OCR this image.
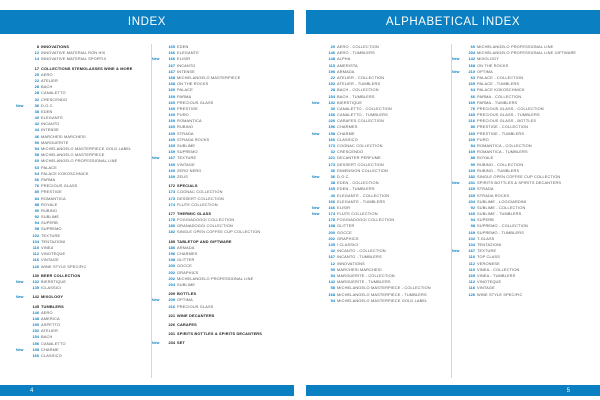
INDEX	ALPHABETICAL INDEX
8 INNOVATIONS
12 INNOVATIVE MATERIAL RON HIX
14 INNOVATIVE MATERIAL SPORTIX
17 COLLECTIONS STEMGLASSES WINE & MORE
20 AERO
22 ATELIER
28 BACH
28 CANALETTO
32 CRESCENDO
New	36 D.O.C.
38 EDEN
40 ELEGANTE
42 INCANTO
44 INTENSE
46 MARCHESI MARCHESI
50 MARGUERITE
54 MICHELANGELO MASTERPIECE GOLD LABEL
58 MICHELANGELO MASTERPIECE
60 MICHELANGELO PROFESSIONAL LINE
63 PALACE
64 PALACE KOKOSCHNICK
66 PARMA
76 PRECIOUS GLASS
80 PRESTIGE
84 ROMANTICA
88 ROYALE
90 RUBINO
92 SUBLIME
94 SUPERB
98 SUPREMO
102 TEXTURE
104 TENTAZIONI
110 VINEA
112 VINOTEQUE
116 VINTAGE
126 WINE STYLE SPECIFIC
130 BEER COLLECTION
New	132 BIERSTIQUE
135 ICLASSICI
New	142 MIXOLOGY
145 TUMBLERS
146 AERO
148 AMERICA
150 ASPETTO
152 ATELIER
154 BACH
156 CANALETTO
New	158 CHARME
160 CLASSICO
165 EDEN
166 ELEGANTE
New	166 ELISIR
167 INCANTO
167 INTENSE
168 MICHELANGELO MASTERPIECE
168 ON THE ROCKS
169 PALACE
169 PARMA
169 PRECIOUS GLASS
169 PRESTIGE
169 PURO
169 ROMANTICA
169 RUBINO
169 STRADA
169 STRADA ROCKS
169 SUBLIME
169 SUPREMO
New	167 TEXTURE
169 VINTAGE
169 ZERO NERO
169 ZEUS
172 SPECIALS
173 COGNAC COLLECTION
173 DESSERT COLLECTION
174 FLUTE COLLECTION
177 THERMIC GLASS
178 FOGGIADOGGI COLLECTION
180 GRANADOGGI COLLECTION
182 SINGLE OPEN COFFEE CUP COLLECTION
185 TABLETOP AND GIFTWARE
186 ARMADA
196 CHARMES
198 GLITTER
200 GOCCE
202 GRAPHICS
202 MICHELANGELO PROFESSIONAL LINE
204 SUBLIME
209 BOTTLES
New	209 OPTIMA
216 PRECIOUS GLASS
221 WINE DECANTERS
226 CARAFES
231 SPIRITS BOTTLES & SPIRITS DECANTERS
New	234 SET
20 AERO - COLLECTION
146 AERO - TUMBLERS
148 ALPHA
115 AMERISTA
196 ARMADA
22 ATELIER - COLLECTION
152 ATELIER - TUMBLERS
28 BACH - COLLECTION
154 BACH - TUMBLERS
New	132 BIERSTIQUE
30 CANALETTO - COLLECTION
156 CANALETTO - TUMBLERS
226 CARAFES COLLECTION
196 CHARMES
New	158 CHARME
160 CLASSICO
173 COGNAC COLLECTION
32 CRESCENDO
221 DECANTER PERFUME
173 DESSERT COLLECTION
36 DIMENSION COLLECTION
New	36 D.O.C.
38 EDEN - COLLECTION
165 EDEN - TUMBLERS
40 ELEGANTE - COLLECTION
166 ELEGANTE - TUMBLERS
New	166 ELISIR
New	174 FLUTE COLLECTION
178 FOGGIADOGGI COLLECTION
198 GLITTER
200 GOCCE
202 GRAPHICS
135 I CLASSICI
42 INCANTO - COLLECTION
167 INCANTO - TUMBLERS
12 INNOVATIONS
50 MARCHESI MARCHESI
54 MARGUERITE - COLLECTION
142 MARGUERITE - TUMBLERS
58 MICHELANGELO MASTERPIECE - COLLECTION
168 MICHELANGELO MASTERPIECE - TUMBLERS
54 MICHELANGELO MASTERPIECE GOLD LABEL
60 MICHELANGELO PROFESSIONAL LINE
204 MICHELANGELO PROFESSIONAL LINE GIFTWARE
New	142 MIXOLOGY
168 ON THE ROCKS
New	210 OPTIMA
63 PALACE - COLLECTION
169 PALACE - TUMBLERS
64 PALACE KOKOSCHNICK
66 PARMA - COLLECTION
169 PARMA - TUMBLERS
76 PRECIOUS GLASS - COLLECTION
169 PRECIOUS GLASS - TUMBLERS
216 PRECIOUS GLASS - BOTTLES
80 PRESTIGE - COLLECTION
169 PRESTIGE - TUMBLERS
169 PURO
84 ROMANTICA - COLLECTION
169 ROMANTICA - TUMBLERS
88 ROYALE
90 RUBINO - COLLECTION
169 RUBINO - TUMBLERS
182 SINGLE OPEN COFFEE CUP COLLECTION
New	231 SPIRITS BOTTLES & SPIRITS DECANTERS
169 STRADA
169 STRADA ROCKS
204 SUBLIME - LOGGIARDINI
92 SUBLIME - COLLECTION
169 SUBLIME - TUMBLERS
94 SUPERB
98 SUPREMO - COLLECTION
169 SUPREMO - TUMBLERS
102 T-GLASS
104 TENTAZIONI
New	167 TEXTURE
110 TOP CLASS
112 VERONESE
110 VINEA - COLLECTION
169 VINEA - TUMBLERS
112 VINOTEQUE
116 VINTAGE
126 WINE STYLE SPECIFIC
4	5
